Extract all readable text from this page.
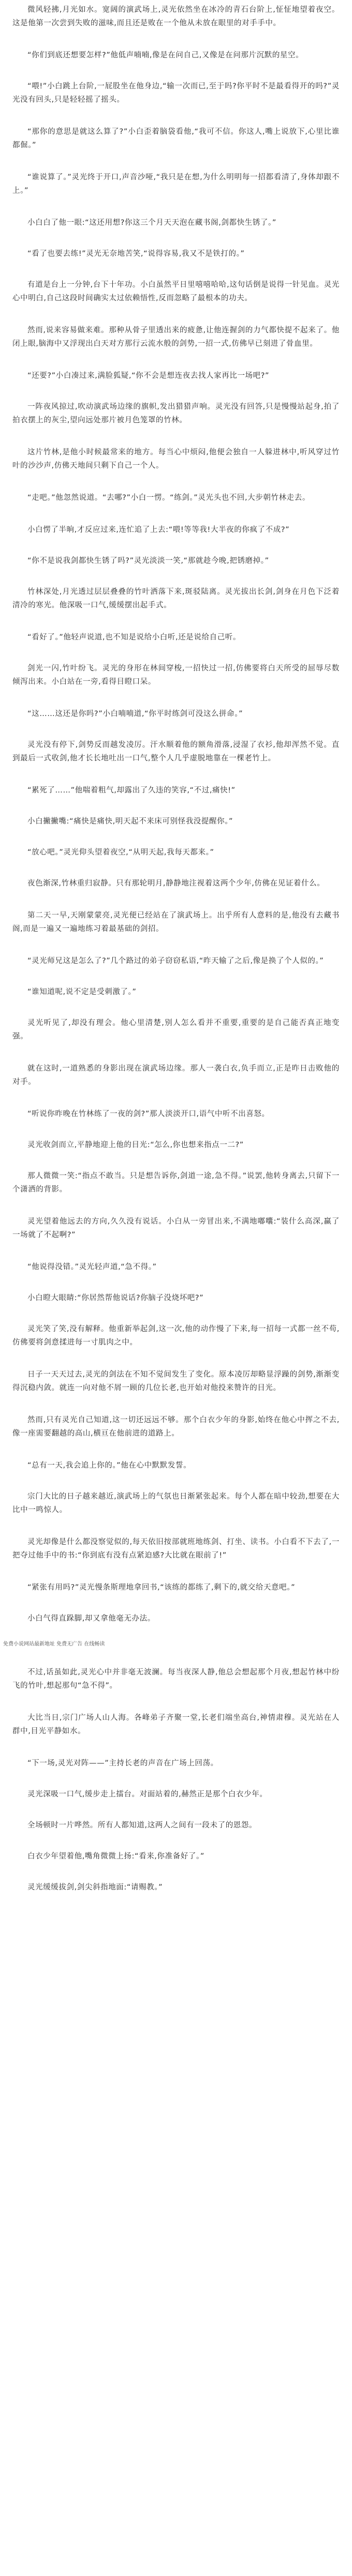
微风轻拂,月光如水。宽阔的演武场上,灵光依然坐在冰冷的青石台阶上,怔怔地望着夜空。这是他第一次尝到失败的滋味,而且还是败在一个他从未放在眼里的对手手中。

“你们到底还想要怎样?”他低声喃喃,像是在问自己,又像是在问那片沉默的星空。

“喂!”小白跳上台阶,一屁股坐在他身边,“输一次而已,至于吗?你平时不是最看得开的吗?”灵光没有回头,只是轻轻摇了摇头。

“那你的意思是就这么算了?”小白歪着脑袋看他,“我可不信。你这人,嘴上说放下,心里比谁都倔。”

“谁说算了。”灵光终于开口,声音沙哑,“我只是在想,为什么明明每一招都看清了,身体却跟不上。”

小白白了他一眼:“这还用想?你这三个月天天泡在藏书阁,剑都快生锈了。”

“看了也要去练!”灵光无奈地苦笑,“说得容易,我又不是铁打的。”

有道是台上一分钟,台下十年功。小白虽然平日里嘻嘻哈哈,这句话倒是说得一针见血。灵光心中明白,自己这段时间确实太过依赖悟性,反而忽略了最根本的功夫。

然而,说来容易做来难。那种从骨子里透出来的疲惫,让他连握剑的力气都快提不起来了。他闭上眼,脑海中又浮现出白天对方那行云流水般的剑势,一招一式,仿佛早已刻进了骨血里。

“还要?”小白凑过来,满脸狐疑,“你不会是想连夜去找人家再比一场吧?”

一阵夜风掠过,吹动演武场边缘的旗帜,发出猎猎声响。灵光没有回答,只是慢慢站起身,拍了拍衣摆上的灰尘,望向远处那片被月色笼罩的竹林。

这片竹林,是他小时候最常来的地方。每当心中烦闷,他便会独自一人躲进林中,听风穿过竹叶的沙沙声,仿佛天地间只剩下自己一个人。

“走吧。”他忽然说道。“去哪?”小白一愣。“练剑。”灵光头也不回,大步朝竹林走去。

小白愣了半晌,才反应过来,连忙追了上去:“喂!等等我!大半夜的你疯了不成?”

“你不是说我剑都快生锈了吗?”灵光淡淡一笑,“那就趁今晚,把锈磨掉。”

竹林深处,月光透过层层叠叠的竹叶洒落下来,斑驳陆离。灵光拔出长剑,剑身在月色下泛着清冷的寒光。他深吸一口气,缓缓摆出起手式。

“看好了。”他轻声说道,也不知是说给小白听,还是说给自己听。

剑光一闪,竹叶纷飞。灵光的身形在林间穿梭,一招快过一招,仿佛要将白天所受的屈辱尽数倾泻出来。小白站在一旁,看得目瞪口呆。

“这……这还是你吗?”小白喃喃道,“你平时练剑可没这么拼命。”

灵光没有停下,剑势反而越发凌厉。汗水顺着他的额角滑落,浸湿了衣衫,他却浑然不觉。直到最后一式收剑,他才长长地吐出一口气,整个人几乎虚脱地靠在一棵老竹上。

“累死了……”他喘着粗气,却露出了久违的笑容,“不过,痛快!”

小白撇撇嘴:“痛快是痛快,明天起不来床可别怪我没提醒你。”

“放心吧。”灵光仰头望着夜空,“从明天起,我每天都来。”

夜色渐深,竹林重归寂静。只有那轮明月,静静地注视着这两个少年,仿佛在见证着什么。

第二天一早,天刚蒙蒙亮,灵光便已经站在了演武场上。出乎所有人意料的是,他没有去藏书阁,而是一遍又一遍地练习着最基础的剑招。

“灵光师兄这是怎么了?”几个路过的弟子窃窃私语,“昨天输了之后,像是换了个人似的。”

“谁知道呢,说不定是受刺激了。”

灵光听见了,却没有理会。他心里清楚,别人怎么看并不重要,重要的是自己能否真正地变强。

就在这时,一道熟悉的身影出现在演武场边缘。那人一袭白衣,负手而立,正是昨日击败他的对手。

“听说你昨晚在竹林练了一夜的剑?”那人淡淡开口,语气中听不出喜怒。

灵光收剑而立,平静地迎上他的目光:“怎么,你也想来指点一二?”

那人微微一笑:“指点不敢当。只是想告诉你,剑道一途,急不得。”说罢,他转身离去,只留下一个潇洒的背影。

灵光望着他远去的方向,久久没有说话。小白从一旁冒出来,不满地嘟囔:“装什么高深,赢了一场就了不起啊?”

“他说得没错。”灵光轻声道,“急不得。”

小白瞪大眼睛:“你居然帮他说话?你脑子没烧坏吧?”

灵光笑了笑,没有解释。他重新举起剑,这一次,他的动作慢了下来,每一招每一式都一丝不苟,仿佛要将剑意揉进每一寸肌肉之中。

日子一天天过去,灵光的剑法在不知不觉间发生了变化。原本凌厉却略显浮躁的剑势,渐渐变得沉稳内敛。就连一向对他不屑一顾的几位长老,也开始对他投来赞许的目光。

然而,只有灵光自己知道,这一切还远远不够。那个白衣少年的身影,始终在他心中挥之不去,像一座需要翻越的高山,横亘在他前进的道路上。

“总有一天,我会追上你的。”他在心中默默发誓。

宗门大比的日子越来越近,演武场上的气氛也日渐紧张起来。每个人都在暗中较劲,想要在大比中一鸣惊人。

灵光却像是什么都没察觉似的,每天依旧按部就班地练剑、打坐、读书。小白看不下去了,一把夺过他手中的书:“你到底有没有点紧迫感?大比就在眼前了!”

“紧张有用吗?”灵光慢条斯理地拿回书,“该练的都练了,剩下的,就交给天意吧。”

小白气得直跺脚,却又拿他毫无办法。

免费小说网站最新地址 免费无广告 在线畅读

不过,话虽如此,灵光心中并非毫无波澜。每当夜深人静,他总会想起那个月夜,想起竹林中纷飞的竹叶,想起那句“急不得”。

大比当日,宗门广场人山人海。各峰弟子齐聚一堂,长老们端坐高台,神情肃穆。灵光站在人群中,目光平静如水。

“下一场,灵光对阵——”主持长老的声音在广场上回荡。

灵光深吸一口气,缓步走上擂台。对面站着的,赫然正是那个白衣少年。

全场顿时一片哗然。所有人都知道,这两人之间有一段未了的恩怨。

白衣少年望着他,嘴角微微上扬:“看来,你准备好了。”

灵光缓缓拔剑,剑尖斜指地面:“请赐教。”
